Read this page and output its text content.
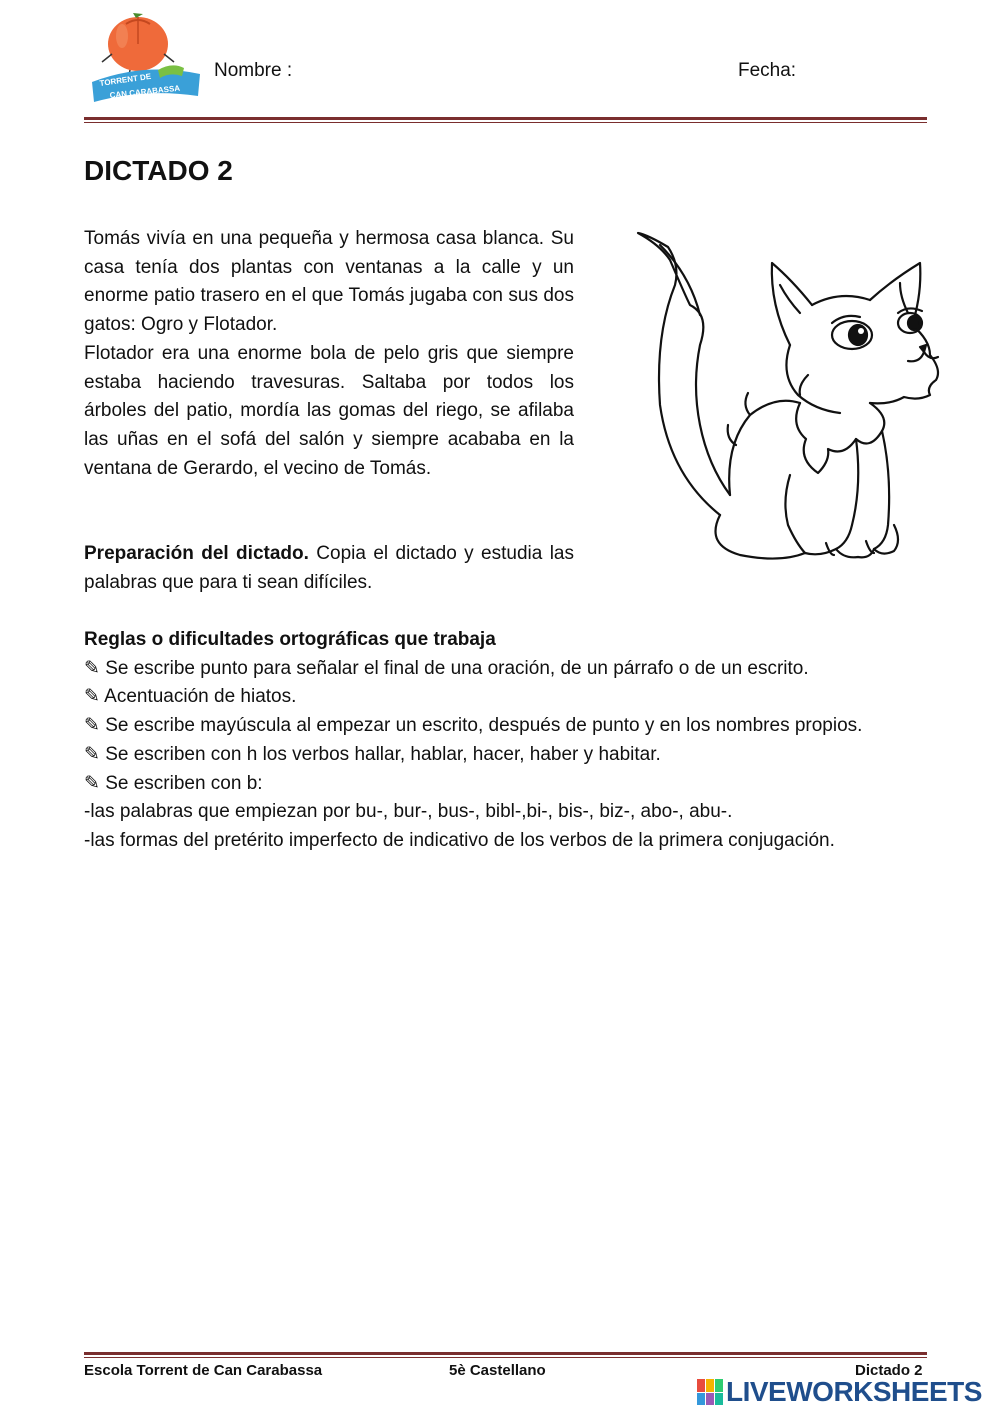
TORRENT DE
CAN CARABASSA
Nombre :	Fecha:
DICTADO 2

Tomás vivía en una pequeña y hermosa casa blanca. Su casa tenía dos plantas con ventanas a la calle y un enorme patio trasero en el que Tomás jugaba con sus dos gatos: Ogro y Flotador.

Flotador era una enorme bola de pelo gris que siempre estaba haciendo travesuras. Saltaba por todos los árboles del patio, mordía las gomas del riego, se afilaba las uñas en el sofá del salón y siempre acababa en la ventana de Gerardo, el vecino de Tomás.

Preparación del dictado. Copia el dictado y estudia las palabras que para ti sean difíciles.

Reglas o dificultades ortográficas que trabaja

✎ Se escribe punto para señalar el final de una oración, de un párrafo o de un escrito.

✎ Acentuación de hiatos.

✎ Se escribe mayúscula al empezar un escrito, después de punto y en los nombres propios.

✎ Se escriben con h los verbos hallar, hablar, hacer, haber y habitar.

✎ Se escriben con b:

-las palabras que empiezan por bu-, bur-, bus-, bibl-,bi-, bis-, biz-, abo-, abu-.

-las formas del pretérito imperfecto de indicativo de los verbos de la primera conjugación.

Escola Torrent de Can Carabassa	5è Castellano	Dictado 2
LIVEWORKSHEETS
